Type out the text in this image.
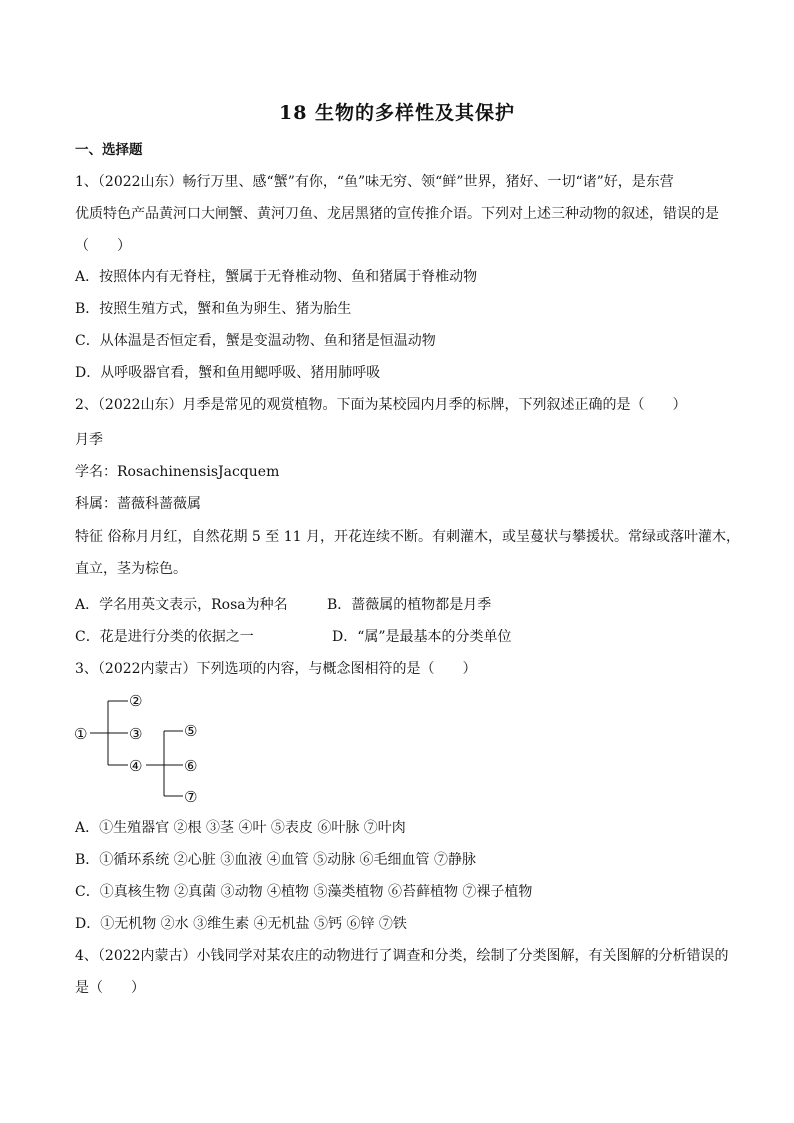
18 生物的多样性及其保护
一、选择题
1、（2022山东）畅行万里、感“蟹”有你，“鱼”味无穷、领“鲜”世界，猪好、一切“诸”好，是东营
优质特色产品黄河口大闸蟹、黄河刀鱼、龙居黑猪的宣传推介语。下列对上述三种动物的叙述，错误的是
（　　）
A．按照体内有无脊柱，蟹属于无脊椎动物、鱼和猪属于脊椎动物
B．按照生殖方式，蟹和鱼为卵生、猪为胎生
C．从体温是否恒定看，蟹是变温动物、鱼和猪是恒温动物
D．从呼吸器官看，蟹和鱼用鳃呼吸、猪用肺呼吸
2、（2022山东）月季是常见的观赏植物。下面为某校园内月季的标牌，下列叙述正确的是（　　）
月季
学名：RosachinensisJacquem
科属：蔷薇科蔷薇属
特征 俗称月月红，自然花期 5 至 11 月，开花连续不断。有刺灌木，或呈蔓状与攀援状。常绿或落叶灌木，
直立，茎为棕色。
A．学名用英文表示，Rosa为种名	B．蔷薇属的植物都是月季
C．花是进行分类的依据之一	D．“属”是最基本的分类单位
3、（2022内蒙古）下列选项的内容，与概念图相符的是（　　）
①
②
③
④
⑤
⑥
⑦
A．①生殖器官 ②根 ③茎 ④叶 ⑤表皮 ⑥叶脉 ⑦叶肉
B．①循环系统 ②心脏 ③血液 ④血管 ⑤动脉 ⑥毛细血管 ⑦静脉
C．①真核生物 ②真菌 ③动物 ④植物 ⑤藻类植物 ⑥苔藓植物 ⑦裸子植物
D．①无机物 ②水 ③维生素 ④无机盐 ⑤钙 ⑥锌 ⑦铁
4、（2022内蒙古）小钱同学对某农庄的动物进行了调查和分类，绘制了分类图解，有关图解的分析错误的
是（　　）
